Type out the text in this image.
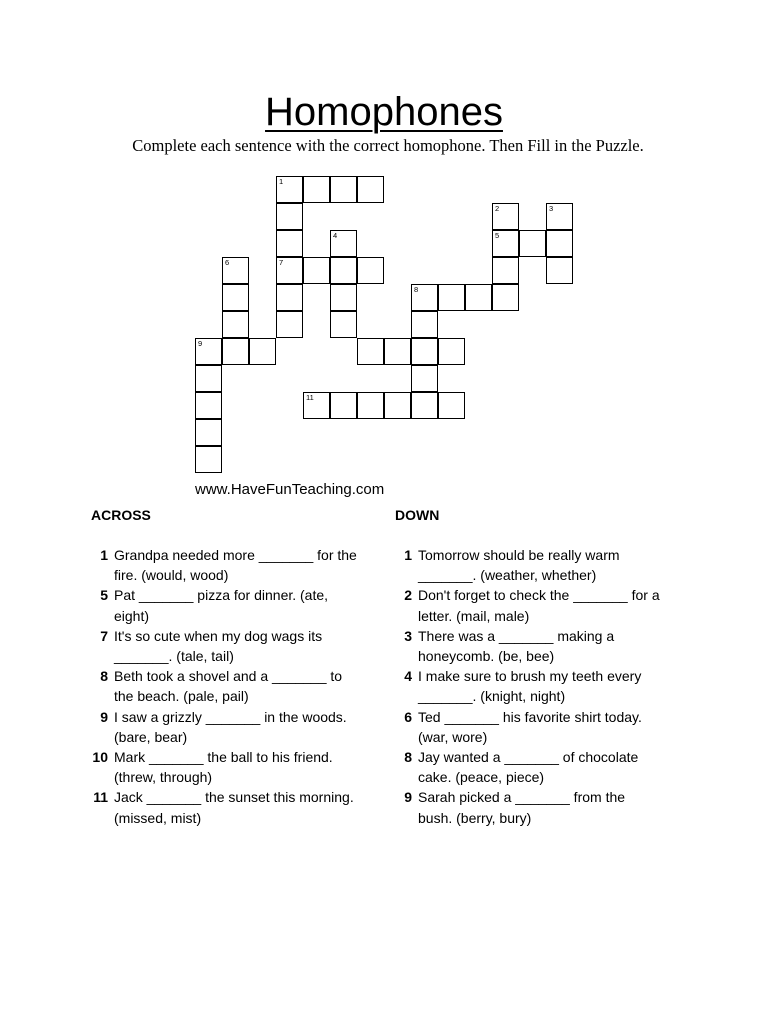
Homophones
Complete each sentence with the correct homophone. Then Fill in the Puzzle.
1
7
2
5
3
4
6
8
9
11
www.HaveFunTeaching.com
ACROSS	DOWN
1 Grandpa needed more _______ for the fire. (would, wood)
5 Pat _______ pizza for dinner. (ate, eight)
7 It's so cute when my dog wags its _______. (tale, tail)
8 Beth took a shovel and a _______ to the beach. (pale, pail)
9 I saw a grizzly _______ in the woods. (bare, bear)
10 Mark _______ the ball to his friend. (threw, through)
11 Jack _______ the sunset this morning. (missed, mist)
1 Tomorrow should be really warm _______. (weather, whether)
2 Don't forget to check the _______ for a letter. (mail, male)
3 There was a _______ making a honeycomb. (be, bee)
4 I make sure to brush my teeth every _______. (knight, night)
6 Ted _______ his favorite shirt today. (war, wore)
8 Jay wanted a _______ of chocolate cake. (peace, piece)
9 Sarah picked a _______ from the bush. (berry, bury)
